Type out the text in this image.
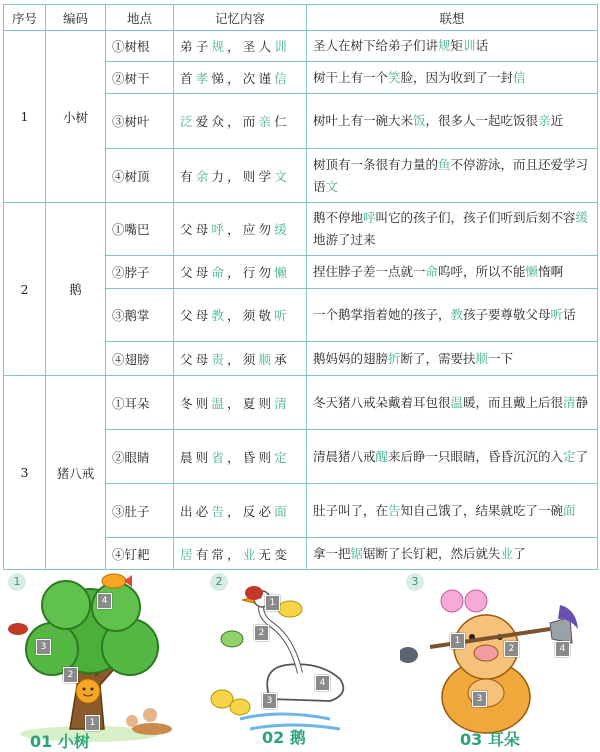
序号	编码	地点	记忆内容	联想
1	小树	①树根	弟子规，圣人训	圣人在树下给弟子们讲规矩训话
		②树干	首孝悌，次谨信	树干上有一个笑脸，因为收到了一封信
		③树叶	泛爱众，而亲仁	树叶上有一碗大米饭，很多人一起吃饭很亲近
		④树顶	有余力，则学文	树顶有一条很有力量的鱼不停游泳，而且还爱学习语文
2	鹅	①嘴巴	父母呼，应勿缓	鹅不停地呼叫它的孩子们，孩子们听到后刻不容缓地游了过来
		②脖子	父母命，行勿懒	捏住脖子差一点就一命呜呼，所以不能懒惰啊
		③鹅掌	父母教，须敬听	一个鹅掌指着她的孩子，教孩子要尊敬父母听话
		④翅膀	父母责，须顺承	鹅妈妈的翅膀折断了，需要扶顺一下
3	猪八戒	①耳朵	冬则温，夏则清	冬天猪八戒朵戴着耳包很温暖，而且戴上后很清静
		②眼睛	晨则省，昏则定	清晨猪八戒醒来后睁一只眼睛，昏昏沉沉的入定了
		③肚子	出必告，反必面	肚子叫了，在告知自己饿了，结果就吃了一碗面
		④钉耙	居有常，业无变	拿一把锯锯断了长钉耙，然后就失业了
1
4
3
2
1
01 小树
2
1
2
3
4
02 鹅
3
1
2
3
4
03 耳朵
